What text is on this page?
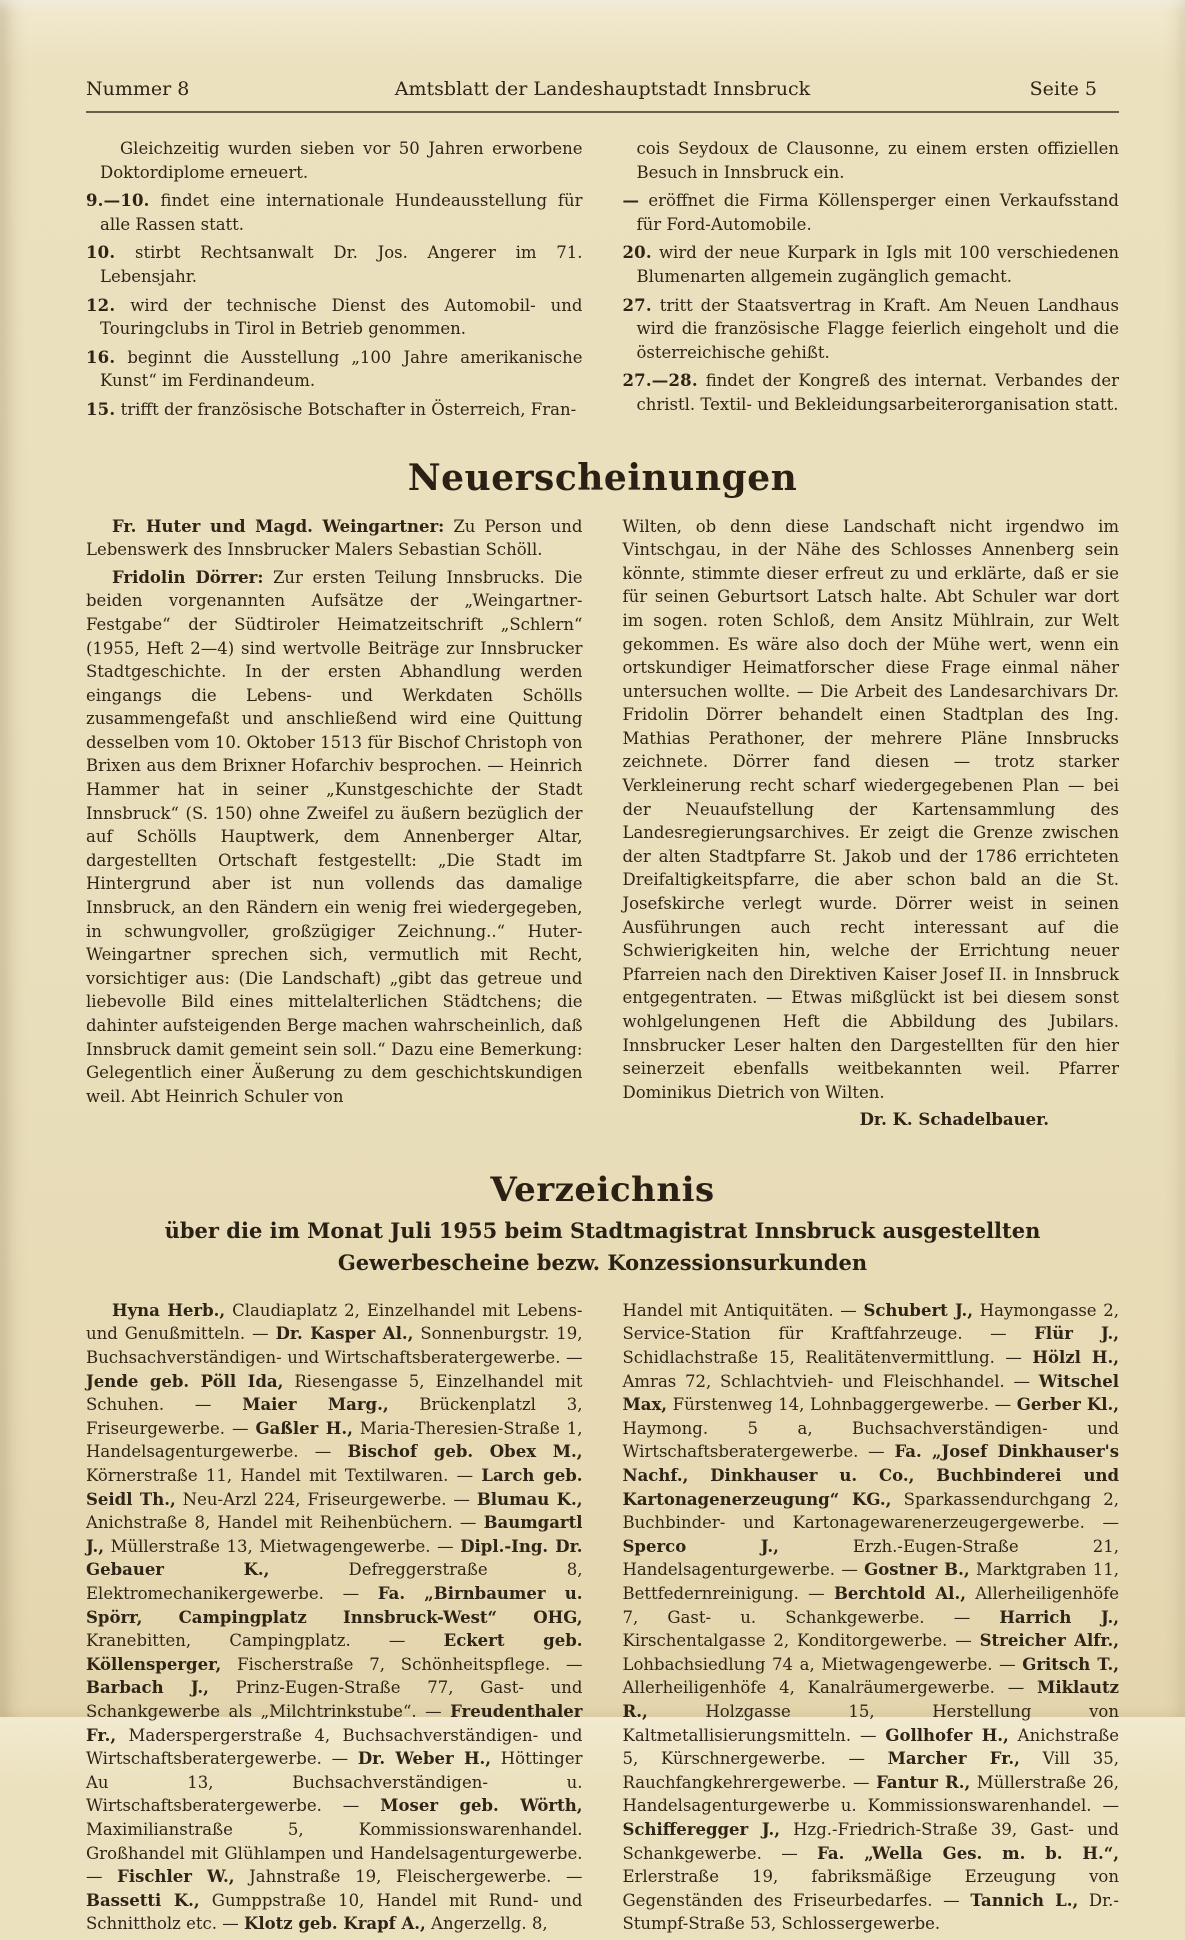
Nummer 8	Amtsblatt der Landeshauptstadt Innsbruck	Seite 5
Gleichzeitig wurden sieben vor 50 Jahren erworbene Doktordiplome erneuert.
9.—10. findet eine internationale Hundeausstellung für alle Rassen statt.
10. stirbt Rechtsanwalt Dr. Jos. Angerer im 71. Lebensjahr.
12. wird der technische Dienst des Automobil- und Touringclubs in Tirol in Betrieb genommen.
16. beginnt die Ausstellung „100 Jahre amerikanische Kunst“ im Ferdinandeum.
15. trifft der französische Botschafter in Österreich, Fran-
cois Seydoux de Clausonne, zu einem ersten offiziellen Besuch in Innsbruck ein.
— eröffnet die Firma Köllensperger einen Verkaufsstand für Ford-Automobile.
20. wird der neue Kurpark in Igls mit 100 verschiedenen Blumenarten allgemein zugänglich gemacht.
27. tritt der Staatsvertrag in Kraft. Am Neuen Landhaus wird die französische Flagge feierlich eingeholt und die österreichische gehißt.
27.—28. findet der Kongreß des internat. Verbandes der christl. Textil- und Bekleidungsarbeiterorganisation statt.
Neuerscheinungen

Fr. Huter und Magd. Weingartner: Zu Person und Lebenswerk des Innsbrucker Malers Sebastian Schöll.

Fridolin Dörrer: Zur ersten Teilung Innsbrucks. Die beiden vorgenannten Aufsätze der „Weingartner-Festgabe“ der Südtiroler Heimatzeitschrift „Schlern“ (1955, Heft 2—4) sind wertvolle Beiträge zur Innsbrucker Stadtgeschichte. In der ersten Abhandlung werden eingangs die Lebens- und Werkdaten Schölls zusammengefaßt und anschließend wird eine Quittung desselben vom 10. Oktober 1513 für Bischof Christoph von Brixen aus dem Brixner Hofarchiv besprochen. — Heinrich Hammer hat in seiner „Kunstgeschichte der Stadt Innsbruck“ (S. 150) ohne Zweifel zu äußern bezüglich der auf Schölls Hauptwerk, dem Annenberger Altar, dargestellten Ortschaft festgestellt: „Die Stadt im Hintergrund aber ist nun vollends das damalige Innsbruck, an den Rändern ein wenig frei wiedergegeben, in schwungvoller, großzügiger Zeichnung..“ Huter-Weingartner sprechen sich, vermutlich mit Recht, vorsichtiger aus: (Die Landschaft) „gibt das getreue und liebevolle Bild eines mittelalterlichen Städtchens; die dahinter aufsteigenden Berge machen wahrscheinlich, daß Innsbruck damit gemeint sein soll.“ Dazu eine Bemerkung: Gelegentlich einer Äußerung zu dem geschichtskundigen weil. Abt Heinrich Schuler von

Wilten, ob denn diese Landschaft nicht irgendwo im Vintschgau, in der Nähe des Schlosses Annenberg sein könnte, stimmte dieser erfreut zu und erklärte, daß er sie für seinen Geburtsort Latsch halte. Abt Schuler war dort im sogen. roten Schloß, dem Ansitz Mühlrain, zur Welt gekommen. Es wäre also doch der Mühe wert, wenn ein ortskundiger Heimatforscher diese Frage einmal näher untersuchen wollte. — Die Arbeit des Landesarchivars Dr. Fridolin Dörrer behandelt einen Stadtplan des Ing. Mathias Perathoner, der mehrere Pläne Innsbrucks zeichnete. Dörrer fand diesen — trotz starker Verkleinerung recht scharf wiedergegebenen Plan — bei der Neuaufstellung der Kartensammlung des Landesregierungsarchives. Er zeigt die Grenze zwischen der alten Stadtpfarre St. Jakob und der 1786 errichteten Dreifaltigkeitspfarre, die aber schon bald an die St. Josefskirche verlegt wurde. Dörrer weist in seinen Ausführungen auch recht interessant auf die Schwierigkeiten hin, welche der Errichtung neuer Pfarreien nach den Direktiven Kaiser Josef II. in Innsbruck entgegentraten. — Etwas mißglückt ist bei diesem sonst wohlgelungenen Heft die Abbildung des Jubilars. Innsbrucker Leser halten den Dargestellten für den hier seinerzeit ebenfalls weitbekannten weil. Pfarrer Dominikus Dietrich von Wilten.

Dr. K. Schadelbauer.

Verzeichnis

über die im Monat Juli 1955 beim Stadtmagistrat Innsbruck ausgestellten

Gewerbescheine bezw. Konzessionsurkunden

Hyna Herb., Claudiaplatz 2, Einzelhandel mit Lebens- und Genußmitteln. — Dr. Kasper Al., Sonnenburgstr. 19, Buchsachverständigen- und Wirtschaftsberatergewerbe. — Jende geb. Pöll Ida, Riesengasse 5, Einzelhandel mit Schuhen. — Maier Marg., Brückenplatzl 3, Friseurgewerbe. — Gaßler H., Maria-Theresien-Straße 1, Handelsagenturgewerbe. — Bischof geb. Obex M., Körnerstraße 11, Handel mit Textilwaren. — Larch geb. Seidl Th., Neu-Arzl 224, Friseurgewerbe. — Blumau K., Anichstraße 8, Handel mit Reihenbüchern. — Baumgartl J., Müllerstraße 13, Mietwagengewerbe. — Dipl.-Ing. Dr. Gebauer K., Defreggerstraße 8, Elektromechanikergewerbe. — Fa. „Birnbaumer u. Spörr, Campingplatz Innsbruck-West“ OHG, Kranebitten, Campingplatz. — Eckert geb. Köllensperger, Fischerstraße 7, Schönheitspflege. — Barbach J., Prinz-Eugen-Straße 77, Gast- und Schankgewerbe als „Milchtrinkstube“. — Freudenthaler Fr., Maderspergerstraße 4, Buchsachverständigen- und Wirtschaftsberatergewerbe. — Dr. Weber H., Höttinger Au 13, Buchsachverständigen- u. Wirtschaftsberatergewerbe. — Moser geb. Wörth, Maximilianstraße 5, Kommissionswarenhandel. Großhandel mit Glühlampen und Handelsagenturgewerbe. — Fischler W., Jahnstraße 19, Fleischergewerbe. — Bassetti K., Gumppstraße 10, Handel mit Rund- und Schnittholz etc. — Klotz geb. Krapf A., Angerzellg. 8,

Handel mit Antiquitäten. — Schubert J., Haymongasse 2, Service-Station für Kraftfahrzeuge. — Flür J., Schidlachstraße 15, Realitätenvermittlung. — Hölzl H., Amras 72, Schlachtvieh- und Fleischhandel. — Witschel Max, Fürstenweg 14, Lohnbaggergewerbe. — Gerber Kl., Haymong. 5 a, Buchsachverständigen- und Wirtschaftsberatergewerbe. — Fa. „Josef Dinkhauser's Nachf., Dinkhauser u. Co., Buchbinderei und Kartonagenerzeugung“ KG., Sparkassendurchgang 2, Buchbinder- und Kartonagewarenerzeugergewerbe. — Sperco J., Erzh.-Eugen-Straße 21, Handelsagenturgewerbe. — Gostner B., Marktgraben 11, Bettfedernreinigung. — Berchtold Al., Allerheiligenhöfe 7, Gast- u. Schankgewerbe. — Harrich J., Kirschentalgasse 2, Konditorgewerbe. — Streicher Alfr., Lohbachsiedlung 74 a, Mietwagengewerbe. — Gritsch T., Allerheiligenhöfe 4, Kanalräumergewerbe. — Miklautz R., Holzgasse 15, Herstellung von Kaltmetallisierungsmitteln. — Gollhofer H., Anichstraße 5, Kürschnergewerbe. — Marcher Fr., Vill 35, Rauchfangkehrergewerbe. — Fantur R., Müllerstraße 26, Handelsagenturgewerbe u. Kommissionswarenhandel. — Schifferegger J., Hzg.-Friedrich-Straße 39, Gast- und Schankgewerbe. — Fa. „Wella Ges. m. b. H.“, Erlerstraße 19, fabriksmäßige Erzeugung von Gegenständen des Friseurbedarfes. — Tannich L., Dr.-Stumpf-Straße 53, Schlossergewerbe.
